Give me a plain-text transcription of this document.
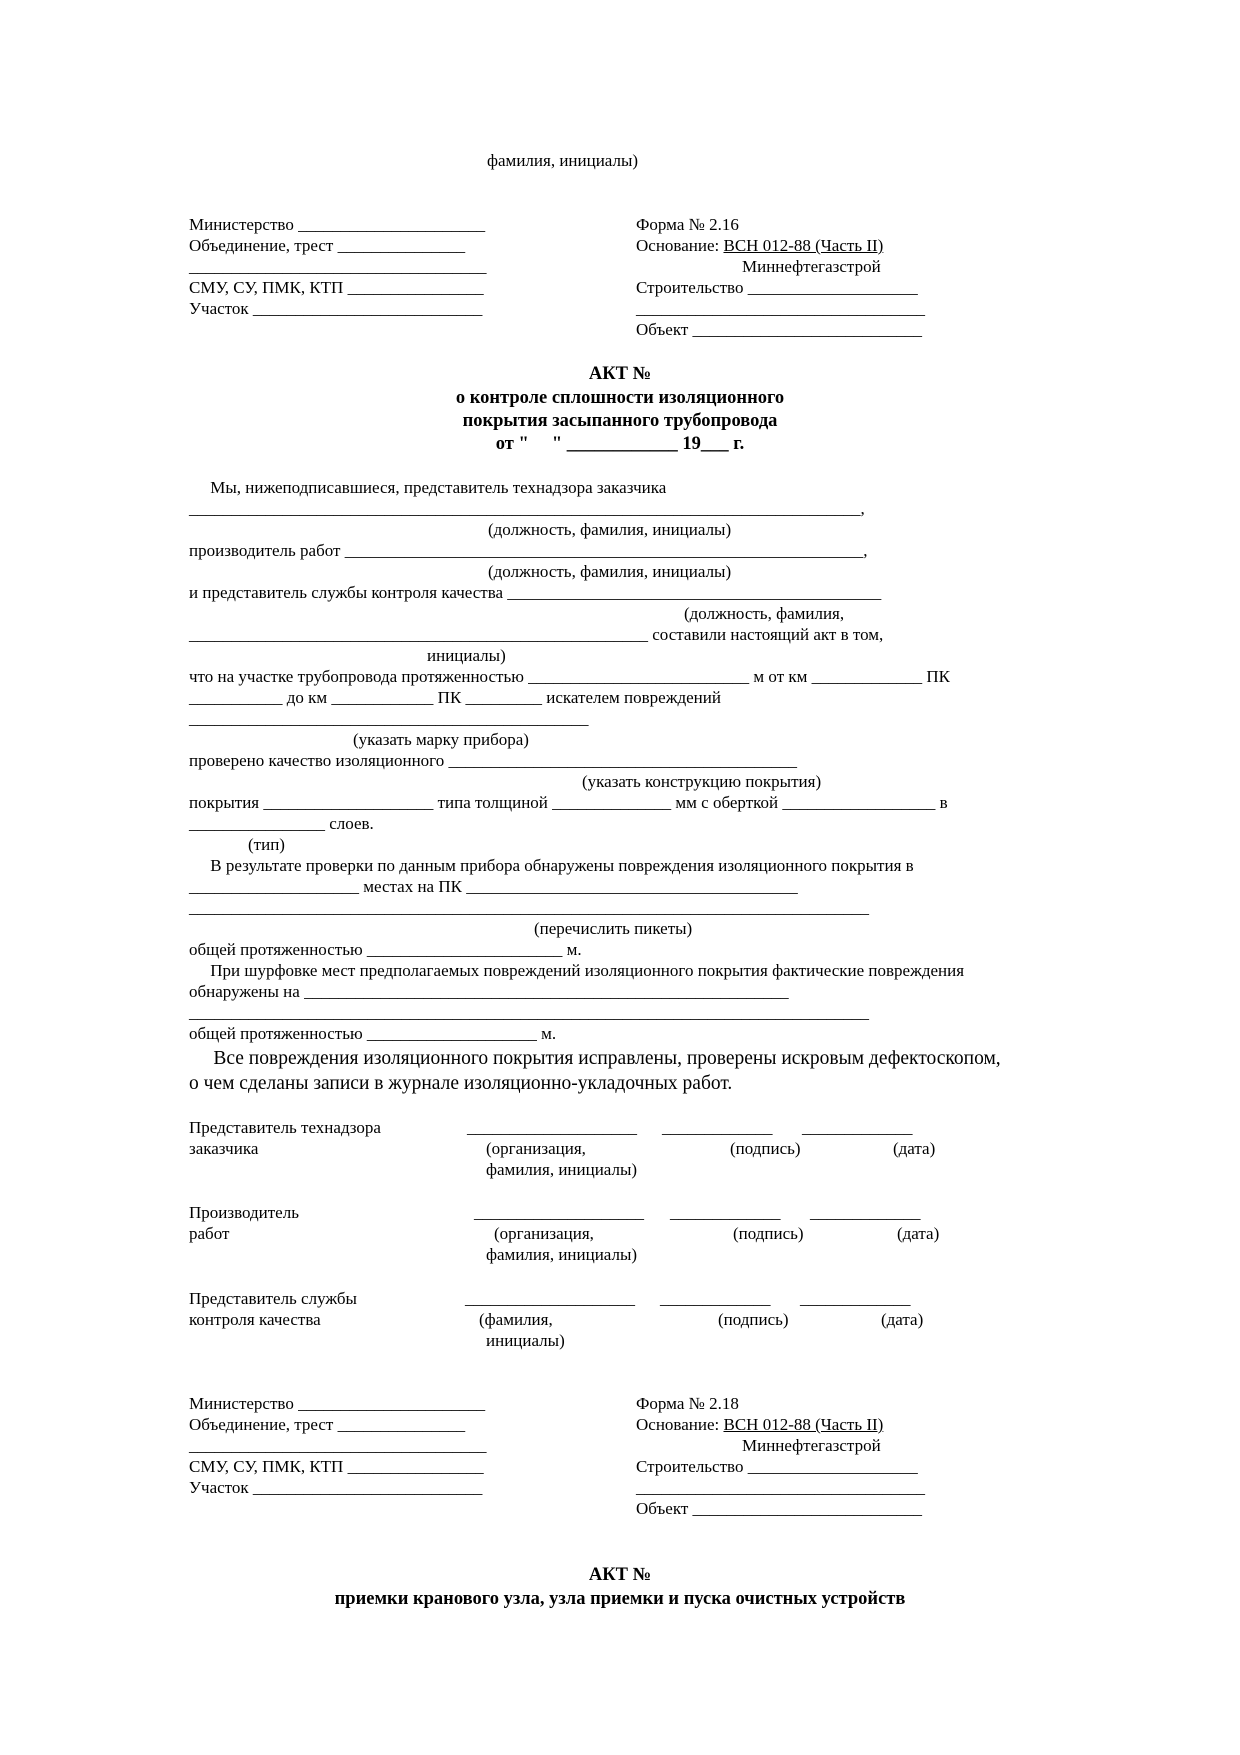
фамилия, инициалы)
Министерство ______________________
Объединение, трест _______________
___________________________________
СМУ, СУ, ПМК, КТП ________________
Участок ___________________________
Форма № 2.16
Основание: ВСН 012-88 (Часть II)
Миннефтегазстрой
Строительство ____________________
__________________________________
Объект ___________________________
АКТ №
о контроле сплошности изоляционного
покрытия засыпанного трубопровода
от "     " ____________ 19___ г.
Мы, нижеподписавшиеся, представитель технадзора заказчика
_______________________________________________________________________________,
(должность, фамилия, инициалы)
производитель работ _____________________________________________________________,
(должность, фамилия, инициалы)
и представитель службы контроля качества ____________________________________________
(должность, фамилия,
______________________________________________________ составили настоящий акт в том,
инициалы)
что на участке трубопровода протяженностью __________________________ м от км _____________ ПК
___________ до км ____________ ПК _________ искателем повреждений
_______________________________________________
(указать марку прибора)
проверено качество изоляционного _________________________________________
(указать конструкцию покрытия)
покрытия ____________________ типа толщиной ______________ мм с оберткой __________________ в
________________ слоев.
(тип)
В результате проверки по данным прибора обнаружены повреждения изоляционного покрытия в
____________________ местах на ПК _______________________________________
________________________________________________________________________________
(перечислить пикеты)
общей протяженностью _______________________ м.
При шурфовке мест предполагаемых повреждений изоляционного покрытия фактические повреждения
обнаружены на _________________________________________________________
________________________________________________________________________________
общей протяженностью ____________________ м.
Все повреждения изоляционного покрытия исправлены, проверены искровым дефектоскопом,
о чем сделаны записи в журнале изоляционно-укладочных работ.
Представитель технадзора
заказчика
____________________ _____________ _____________
(организация,	(подпись)	(дата)
фамилия, инициалы)
Производитель
работ
____________________ _____________ _____________
(организация,	(подпись)	(дата)
фамилия, инициалы)
Представитель службы
контроля качества
____________________ _____________ _____________
(фамилия,	(подпись)	(дата)
инициалы)
Министерство ______________________
Объединение, трест _______________
___________________________________
СМУ, СУ, ПМК, КТП ________________
Участок ___________________________
Форма № 2.18
Основание: ВСН 012-88 (Часть II)
Миннефтегазстрой
Строительство ____________________
__________________________________
Объект ___________________________
АКТ №
приемки кранового узла, узла приемки и пуска очистных устройств
